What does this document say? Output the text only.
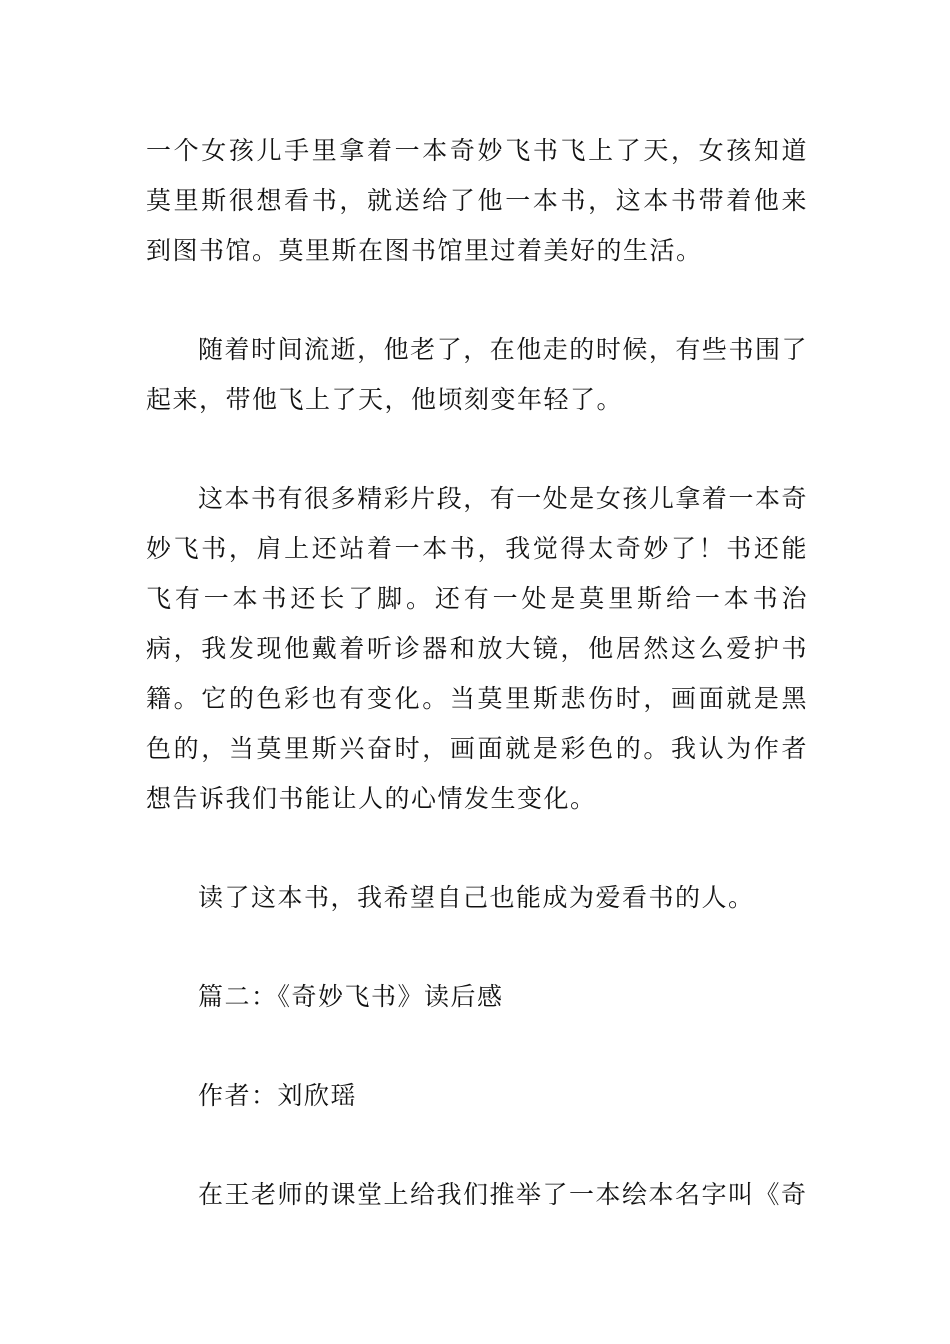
一个女孩儿手里拿着一本奇妙飞书飞上了天，女孩知道莫里斯很想看书，就送给了他一本书，这本书带着他来到图书馆。莫里斯在图书馆里过着美好的生活。

随着时间流逝，他老了，在他走的时候，有些书围了起来，带他飞上了天，他顷刻变年轻了。

这本书有很多精彩片段，有一处是女孩儿拿着一本奇妙飞书，肩上还站着一本书，我觉得太奇妙了！书还能飞有一本书还长了脚。还有一处是莫里斯给一本书治病，我发现他戴着听诊器和放大镜，他居然这么爱护书籍。它的色彩也有变化。当莫里斯悲伤时，画面就是黑色的，当莫里斯兴奋时，画面就是彩色的。我认为作者想告诉我们书能让人的心情发生变化。

读了这本书，我希望自己也能成为爱看书的人。

篇二：《奇妙飞书》读后感

作者：刘欣瑶

在王老师的课堂上给我们推举了一本绘本名字叫《奇
